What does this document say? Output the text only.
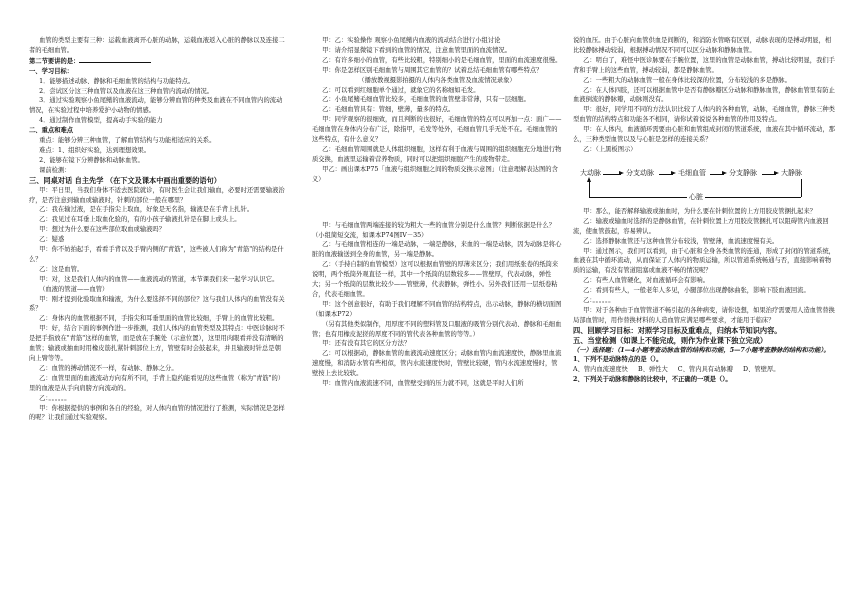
血管的类型主要有三种：运载血液离开心脏的动脉，运载血液返入心脏的静脉以及连接二者的毛细血管。

第二节要讲的是：

一、学习目标：

1．能够描述动脉、静脉和毛细血管的结构与功能特点。

2．尝试区分这三种血管以及血液在这三种血管内流动的情况。

3．通过实验观察小鱼尾鳍的血液流动，能够分辨血管的种类及血液在不同血管内的流动情况，在实验过程中培养爱护小动物的情感。

4．通过制作血管模型，提高动手实验的能力

二、重点和难点

重点：能够分辨三种血管，了解血管结构与功能相适应的关系。

难点：1、组织好实验，达到理想效果。

2、能够在镜下分辨静脉和动脉血管。

课前检测：

三、同桌对话 自主先学 （在下文及课本中画出重要的语句）

甲：平日里，当我们身体不适去医院就诊，有时医生会让我们输血，必要时还需要输液治疗，是否注意到输血或输液时，针刺的部位一般在哪里？

乙：我在输过液，是在手指尖上取血，好象是无名指，输液是在手背上扎针。

乙：我见过在耳垂上取血化验的，有的小孩子输液扎针是在脚上或头上。

甲：想过为什么要在这些部位取血或输液吗？

乙：疑惑

甲：你不妨拍起手，看看手背以及手臂内侧的"青筋"，这些被人们称为"青筋"的结构是什么？

乙：这是血管。

甲：对，这是我们人体内的血管——血液流动的管道，本节课我们来一起学习认识它。

（血液的管道——血管）

甲：刚才提到化验取血和输液，为什么要选择不同的部位？这与我们人体内的血管没有关系？

乙：身体内的血管根据不同，手指尖和耳垂里面的血管比较细，手臂上的血管比较粗。

甲：好，结合下面的事例作进一步推测，我们人体内的血管类型及其特点：中医诊脉时不是把手指放在"青筋"这样的血管，而是放在手腕处（示意位置），这里用肉眼看并没有清晰的血管；输液或抽血时用橡皮筋扎紧针刺部位上方，管壁有时会鼓起来，并且输液时针总是朝向上臂等等。

乙：血管的搏动情况不一样，有动脉、静脉之分。

乙：血管里面的血液流动方向有所不同，手背上隐约能看见的这些血管（称为"青筋"的）里的血液是从手向肩膀方向流动的。

乙：。。。。。。

甲：你根据提供的事例和各自的经验，对人体内血管的情况进行了推测，实际情况是怎样的呢？让我们通过实验观察。

甲：乙：实验操作 观察小鱼尾鳍内血液的流动结合进行小组讨论

甲：请介绍显微镜下看到的血管的情况，注意血管里面的血流情况。

乙：有许多细小的血管，有些比较粗，特别细小的是毛细血管，里面的血流速度很慢。

甲：你是怎样区别毛细血管与周围其它血管的？试着总结毛细血管有哪些特点？

（播放教视摄影拍摄的人体内各类血管及血流情况录象）

乙：可以看到红细胞单个通过，就象它的名称细如毛发。

乙：小鱼尾鳍毛细血管比较多，毛细血管的血管壁非常薄，只有一层细胞。

乙：毛细血管具有：管细，壁薄，量多的特点。

甲：同学观察的很细致，而且判断的也很好，毛细血管的特点可以再加一点：面广——毛细血管在身体内分布广泛，除指甲，毛发等处外，毛细血管几乎无处不在。毛细血管的这些特点，有什么意义？

乙：毛细血管周围就是人体组织细胞，这样有利于血液与周围的组织细胞充分地进行物质交换，血液里运输着营养物质，同时可以把组织细胞产生的废物带走。

甲乙：画出课本P75「血液与组织细胞之间的物质交换示意图」（注意理解表达图的含义）

甲：与毛细血管两端连接的较为粗大一些的血管分别是什么血管？判断依据是什么？（小组简短交流，如课本P74图IV－35）

乙：与毛细血管相连的一端是动脉，一端是静脉，来血的一端是动脉，因为动脉是将心脏的血液输送到全身的血管，另一端是静脉。

乙：（手持自制的血管模型）这可以根据血管壁的厚薄来区分；我们用纸张卷的纸筒来说明，两个纸筒外观直径一样，其中一个纸筒的层数较多——管壁厚，代表动脉，弹性大；另一个纸筒的层数比较少——管壁薄，代表静脉，弹性小。另外我们还用一层纸卷粘合，代表毛细血管。

甲：这个创意很好，有助于我们理解不同血管的结构特点，出示动脉，静脉的横切面图（如课本P72）

（另有其他类似制作，用厚度不同的塑料管及口服液的吸管分别代表动、静脉和毛细血管；也有用橡皮泥搓的厚度不同的管代表各种血管的等等。）

甲：还有没有其它的区分方法？

乙：可以根据动，静脉血管的血液流动速度区分；动脉血管内血流速度快，静脉里血流速度慢，和消防水管有些相似，管内水流速度快时，管壁比较硬，管内水流速度慢时，管壁按上去比较软。

甲：血管内血液流速不同，血管壁受到的压力就不同，这就是平时人们所

说的血压。由于心脏向血管供血是间断的，和消防水管略有区别，动脉表现的是搏动明显，相比较静脉搏动较弱，根据搏动情况不同可以区分动脉和静脉血管。

乙：明白了，难怪中医诊脉要在手腕位置，这里的血管是动脉血管，搏动比较明显，我们手背和手臂上的这些血管，搏动较弱，都是静脉血管。

乙：一些粗大的动脉血管一般在身体比较深的位置，分布较浅的多是静脉。

乙：在人体四肢，还可以根据血管中是否有静脉瓣区分动脉和静脉血管，静脉血管里有防止血液倒流的静脉瓣，动脉则没有。

甲：很好，同学用不同的方法认识比较了人体内的各种血管，动脉，毛细血管，静脉三种类型血管的结构特点和功能各不相同，请你试着说说各种血管的作用及特点。

甲：在人体内，血液循环需要由心脏和血管组成封闭的管道系统，血液在其中循环流动，那么，三种类型血管以及与心脏是怎样的连接关系？

乙：（上黑板图示）

大动脉	分支动脉	毛细血管	分支静脉	大静脉
心脏

甲：那么，能否解释输液或抽血时，为什么要在针刺位置的上方用胶皮管捆扎起来？

乙：输液或输血时选择的是静脉血管，在针刺位置上方用胶皮管捆扎可以阻碍管内血液回流，使血管鼓起，容易辨认。

乙：选择静脉血管还与这种血管分布较浅，管壁薄，血流速度慢有关。

甲：通过图示，我们可以看到，由于心脏和全身各类血管的连通，形成了封闭的管道系统，血液在其中循环流动，从而保证了人体内的物质运输，所以管道系统畅通与否，直接影响着物质的运输，有没有管道阻塞或血液不畅的情况呢？

乙：有些人血管硬化，对血液循环会有影响。

乙：看到有些人，一般老年人多见，小腿部位出现静脉曲张，影响下肢血液回流。

乙：。。。。。。

甲：对于各种由于血管管道不畅引起的各种病变，请你设想，如果治疗需要用人造血管替换局部血管时，用作替换材料的人造血管应满足哪些要求，才能用于临床？

四、回顾学习目标：对照学习目标及重难点，归纳本节知识内容。

五、当堂检测（如课上不能完成，则作为作业课下独立完成）

（一）选择题：（1—4小题考查动脉血管的结构和功能，5—7小题考查静脉的结构和功能）。

1、下列不是动脉特点的是（）。

A、管内血流速度快 B、弹性大 C、管内具有动脉瓣 D、管壁厚。

2、下列关于动脉和静脉的比较中，不正确的一项是（）。
